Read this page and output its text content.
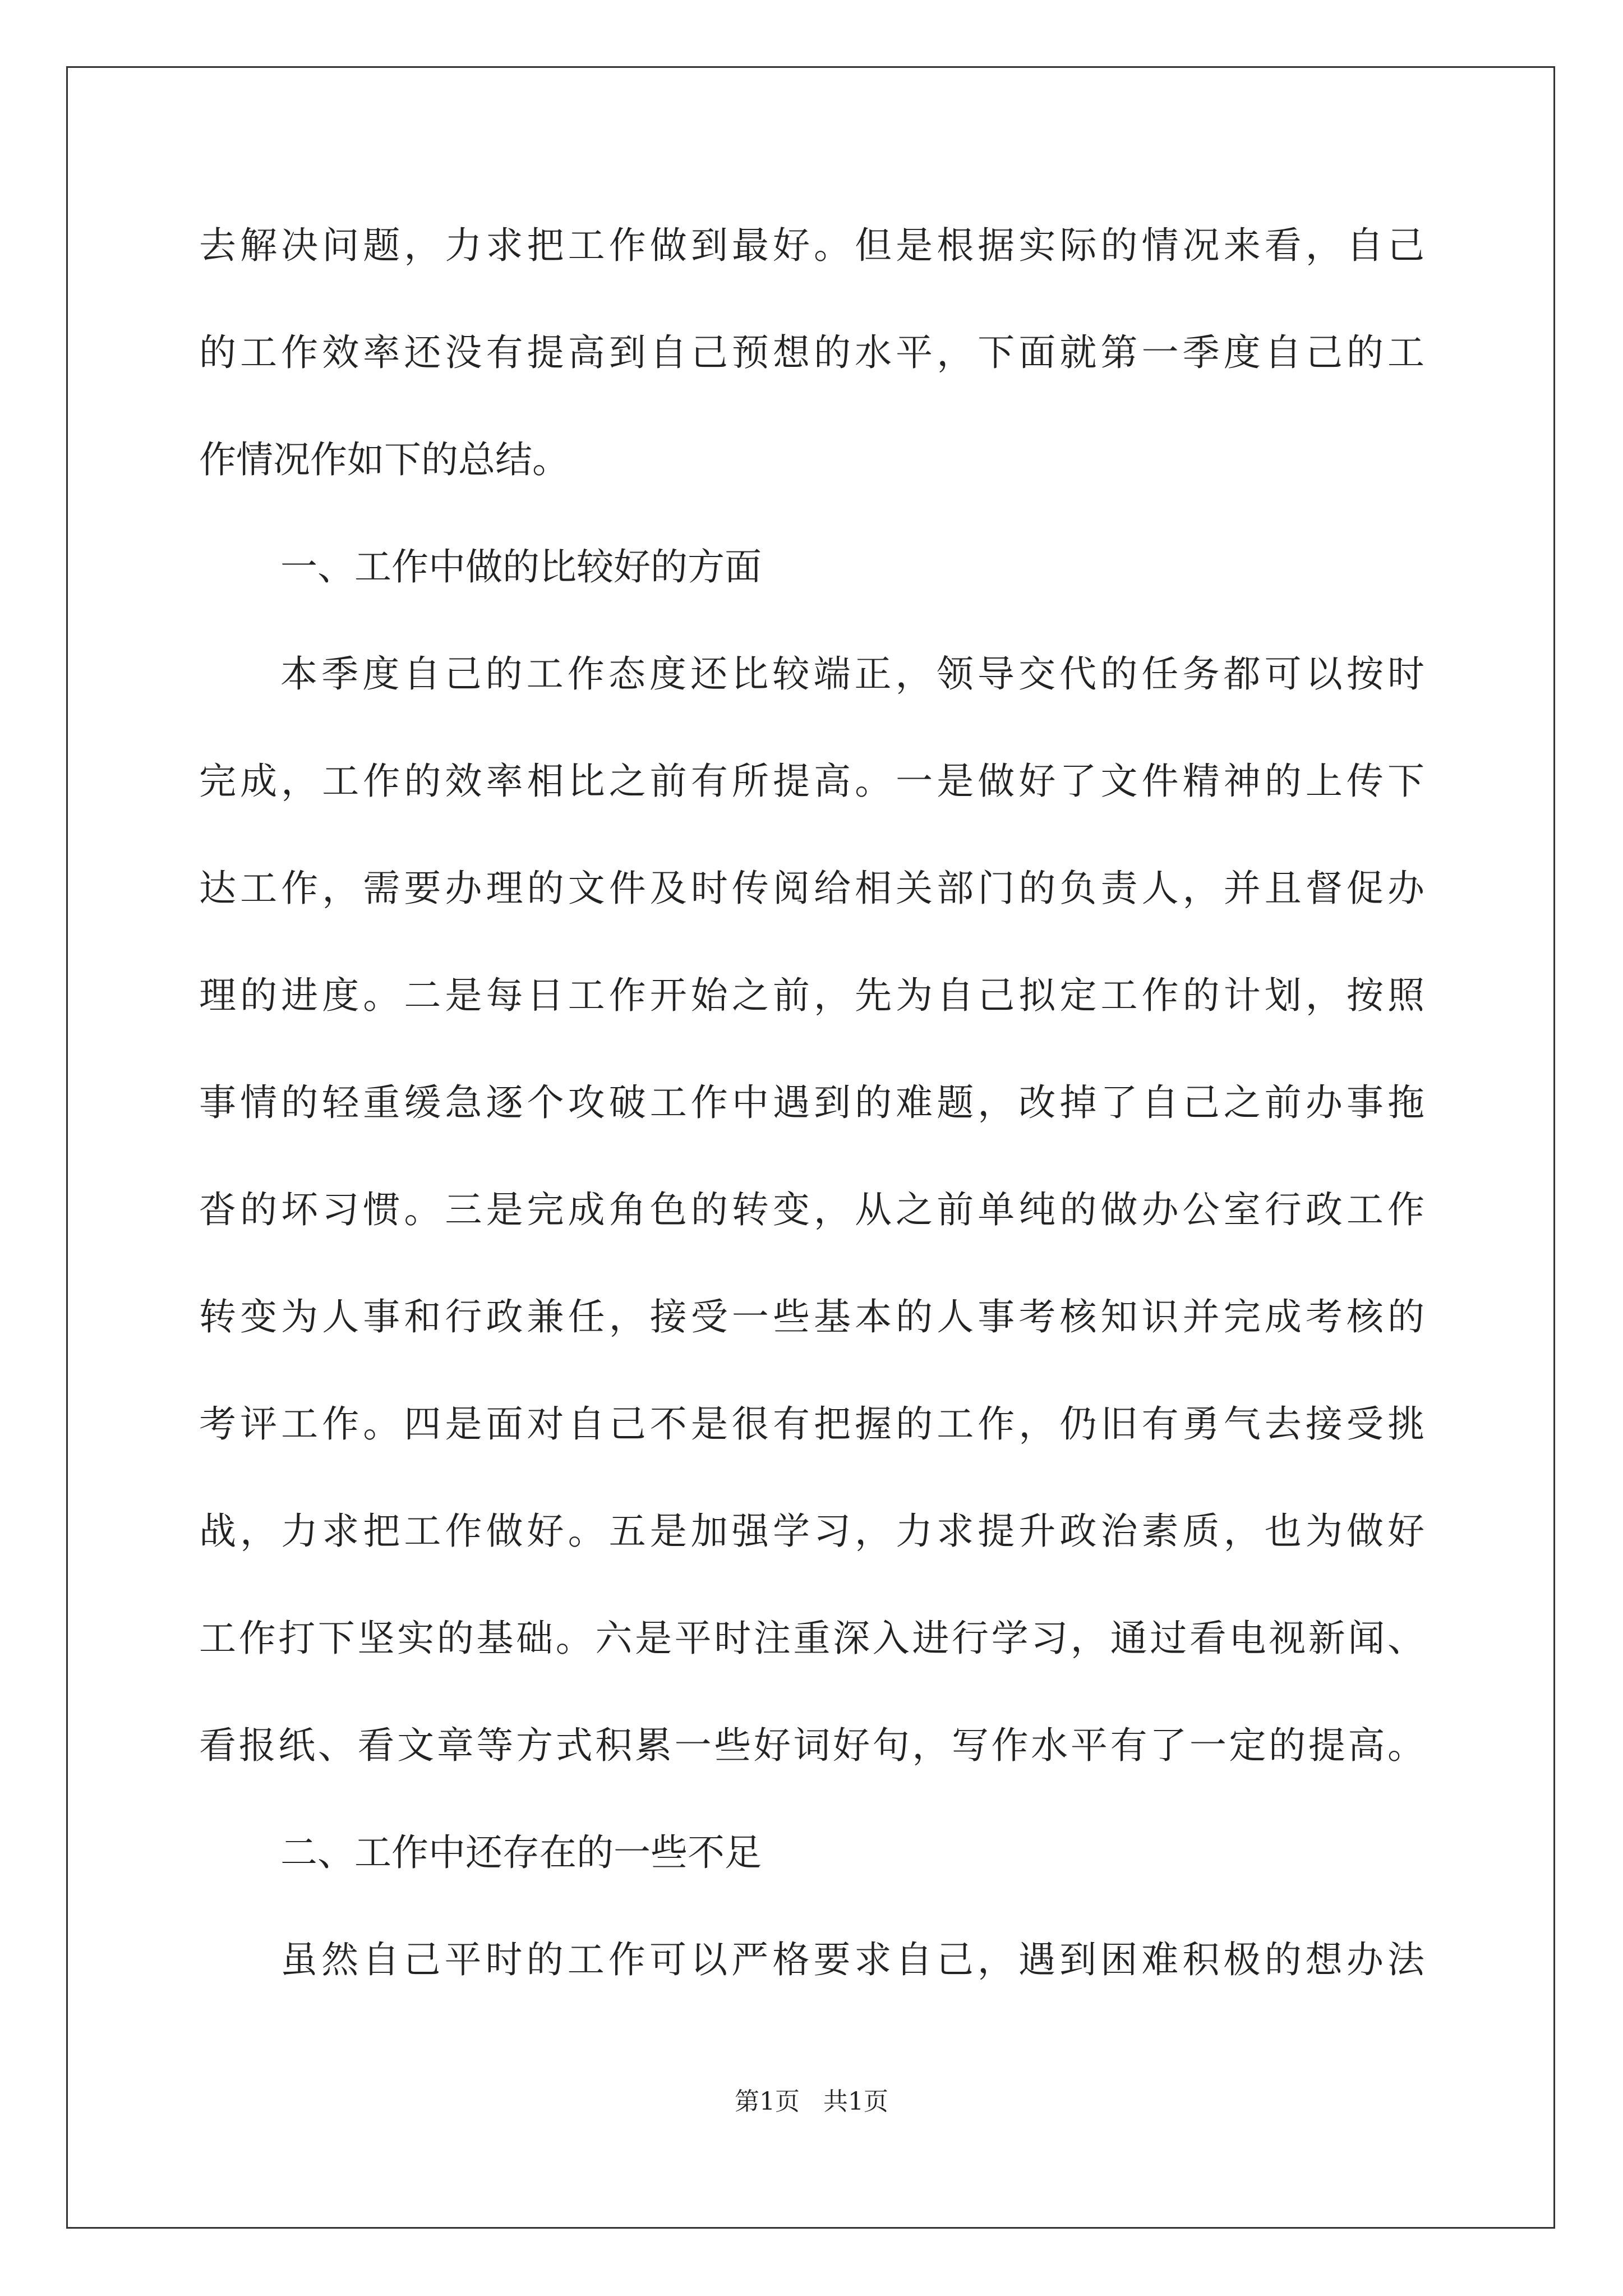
去解决问题，力求把工作做到最好。但是根据实际的情况来看，自己
的工作效率还没有提高到自己预想的水平，下面就第一季度自己的工
作情况作如下的总结。
一、工作中做的比较好的方面
本季度自己的工作态度还比较端正，领导交代的任务都可以按时
完成，工作的效率相比之前有所提高。一是做好了文件精神的上传下
达工作，需要办理的文件及时传阅给相关部门的负责人，并且督促办
理的进度。二是每日工作开始之前，先为自己拟定工作的计划，按照
事情的轻重缓急逐个攻破工作中遇到的难题，改掉了自己之前办事拖
沓的坏习惯。三是完成角色的转变，从之前单纯的做办公室行政工作
转变为人事和行政兼任，接受一些基本的人事考核知识并完成考核的
考评工作。四是面对自己不是很有把握的工作，仍旧有勇气去接受挑
战，力求把工作做好。五是加强学习，力求提升政治素质，也为做好
工作打下坚实的基础。六是平时注重深入进行学习，通过看电视新闻、
看报纸、看文章等方式积累一些好词好句，写作水平有了一定的提高。
二、工作中还存在的一些不足
虽然自己平时的工作可以严格要求自己，遇到困难积极的想办法
第1页   共1页
